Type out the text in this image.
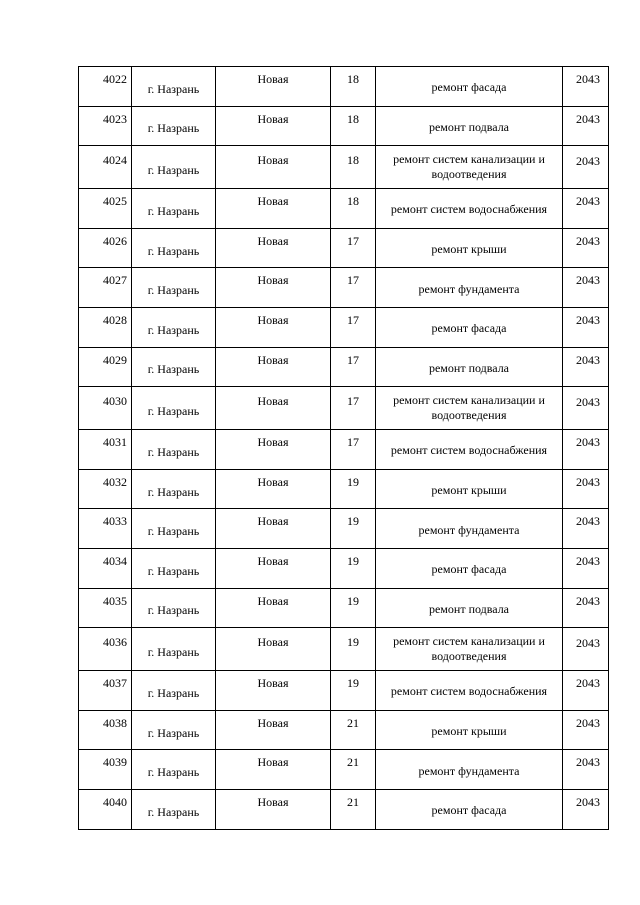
4022	г. Назрань	Новая	18	ремонт фасада	2043
4023	г. Назрань	Новая	18	ремонт подвала	2043
4024	г. Назрань	Новая	18	ремонт систем канализации и водоотведения	2043
4025	г. Назрань	Новая	18	ремонт систем водоснабжения	2043
4026	г. Назрань	Новая	17	ремонт крыши	2043
4027	г. Назрань	Новая	17	ремонт фундамента	2043
4028	г. Назрань	Новая	17	ремонт фасада	2043
4029	г. Назрань	Новая	17	ремонт подвала	2043
4030	г. Назрань	Новая	17	ремонт систем канализации и водоотведения	2043
4031	г. Назрань	Новая	17	ремонт систем водоснабжения	2043
4032	г. Назрань	Новая	19	ремонт крыши	2043
4033	г. Назрань	Новая	19	ремонт фундамента	2043
4034	г. Назрань	Новая	19	ремонт фасада	2043
4035	г. Назрань	Новая	19	ремонт подвала	2043
4036	г. Назрань	Новая	19	ремонт систем канализации и водоотведения	2043
4037	г. Назрань	Новая	19	ремонт систем водоснабжения	2043
4038	г. Назрань	Новая	21	ремонт крыши	2043
4039	г. Назрань	Новая	21	ремонт фундамента	2043
4040	г. Назрань	Новая	21	ремонт фасада	2043
